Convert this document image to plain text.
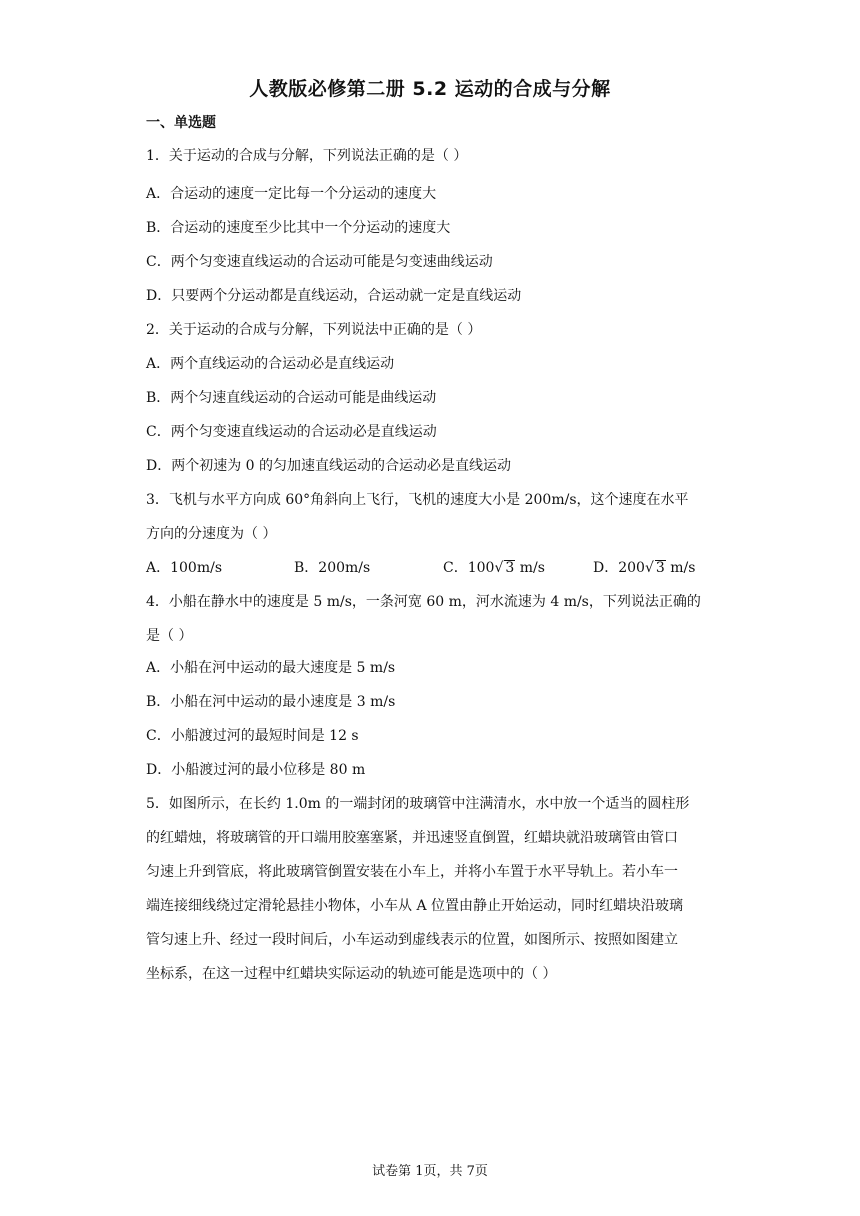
人教版必修第二册 5.2 运动的合成与分解
一、单选题
1．关于运动的合成与分解，下列说法正确的是（ ）
A．合运动的速度一定比每一个分运动的速度大
B．合运动的速度至少比其中一个分运动的速度大
C．两个匀变速直线运动的合运动可能是匀变速曲线运动
D．只要两个分运动都是直线运动，合运动就一定是直线运动
2．关于运动的合成与分解，下列说法中正确的是（ ）
A．两个直线运动的合运动必是直线运动
B．两个匀速直线运动的合运动可能是曲线运动
C．两个匀变速直线运动的合运动必是直线运动
D．两个初速为 0 的匀加速直线运动的合运动必是直线运动
3．飞机与水平方向成 60°角斜向上飞行，飞机的速度大小是 200m/s，这个速度在水平
方向的分速度为（ ）
A．100m/s	B．200m/s	C．100√ 3 m/s	D．200√ 3 m/s
4．小船在静水中的速度是 5 m/s，一条河宽 60 m，河水流速为 4 m/s，下列说法正确的
是（ ）
A．小船在河中运动的最大速度是 5 m/s
B．小船在河中运动的最小速度是 3 m/s
C．小船渡过河的最短时间是 12 s
D．小船渡过河的最小位移是 80 m
5．如图所示，在长约 1.0m 的一端封闭的玻璃管中注满清水，水中放一个适当的圆柱形
的红蜡烛，将玻璃管的开口端用胶塞塞紧，并迅速竖直倒置，红蜡块就沿玻璃管由管口
匀速上升到管底，将此玻璃管倒置安装在小车上，并将小车置于水平导轨上。若小车一
端连接细线绕过定滑轮悬挂小物体，小车从 A 位置由静止开始运动，同时红蜡块沿玻璃
管匀速上升、经过一段时间后，小车运动到虚线表示的位置，如图所示、按照如图建立
坐标系，在这一过程中红蜡块实际运动的轨迹可能是选项中的（ ）
试卷第 1页，共 7页
